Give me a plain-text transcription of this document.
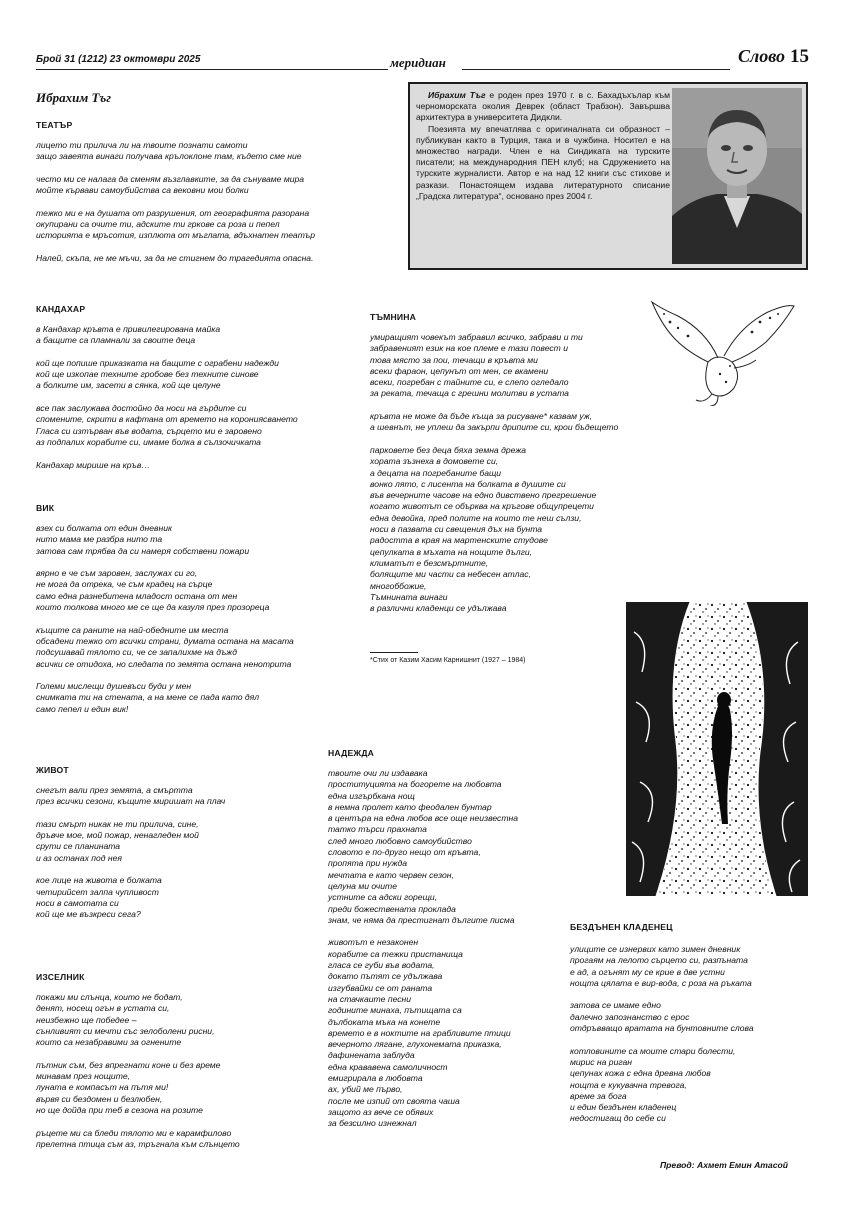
Брой 31 (1212) 23 октомври 2025	меридиан	Слово 15
Ибрахим Тъг	Ибрахим Тъг е роден през 1970 г. в с. Бахадъхълар към черноморската околия Деврек (област Трабзон). Завършва архитектура в университета Дидкли.

Поезията му впечатлява с оригиналната си образност – публикуван както в Турция, така и в чужбина. Носител е на множество награди. Член е на Синдиката на турските писатели; на международния ПЕН клуб; на Сдружението на турските журналисти. Автор е на над 12 книги със стихове и разкази. Понастоящем издава литературното списание „Градска литература“, основано през 2004 г.

ТЕАТЪР
лицето ти прилича ли на твоите познати самоти
защо завеята винаги получава крълоклоне там, където сме ние
често ми се налага да сменям възглавките, за да сънуваме мира
мойте кървави самоубийства са вековни мои болки
тежко ми е на душата от разрушения, от географията разорана
окупирани са очите ти, адските ти гркове са роза и пепел
историята е мръсотия, изплюта от мъглата, вдъхнатен театър
Налей, скъпа, не ме мъчи, за да не стигнем до трагедията опасна.
КАНДАХАР
в Кандахар кръвта е привилегирована майка
а бащите са пламнали за своите деца
кой ще попише приказката на бащите с ограбени надежди
кой ще изкопае техните гробове без техните синове
а болките им, засети в сянка, кой ще целуне
все пак заслужава достойно да носи на гърдите си
спомените, скрити в кафтана от времето на корониясването
Гласа си изтърван във водата, сърцето ми е заровено
аз подпалих корабите си, имаме болка в сълзочичката
Кандахар мирише на кръв…
ВИК
взех си болката от един дневник
нито мама ме разбра нито та
затова сам трябва да си намеря собствени пожари
вярно е че съм заровен, заслужах си го,
не мога да отрека, че съм крадец на сърце
само една разнебитена младост остана от мен
които толкова много ме се ще да казуля през прозореца
къщите са раните на най-обедните им места
обсадени тежко от всички страни, думата остана на масата
подсушавай тялото си, че се запалихме на дъжд
всички се отидоха, но следата по земята остана ненотрита
Големи мислещи душевъси буди у мен
снимката ти на стената, а на мене се пада като дял
само пепел и един вик!
ЖИВОТ
снегът вали през земята, а смъртта
през всички сезони, къщите миришат на плач
тази смърт никак не ти прилича, сине,
дръвче мое, мой пожар, ненагледен мой
срути се планината
и аз останах под нея
кое лице на живота е болката
четирийсет залпа чупливост
носи в самотата си
кой ще ме възкреси сега?
ИЗСЕЛНИК
покажи ми слънца, които не бодат,
денят, носещ огън в устата си,
неизбежно ще победее –
сънливият си мечти със зелоболени рисни,
които са незабравими за огнените
пътник съм, без впрегнати коне и без време
минавам през нощите,
луната е компасът на пътя ми!
вървя си бездомен и безлюбен,
но ще дойда при теб в сезона на розите
ръцете ми са бледи тялото ми е карамфилово
прелетна птица съм аз, тръгнала към слънцето
ТЪМНИНА
умиращият човекът забравил всичко, забрави и ти
забравеният език на кое племе е тази повест и
това място за пои, течащи в кръвта ми
всеки фараон, цепунът от мен, се вкамени
всеки, погребан с тайните си, е слепо огледало
за реката, течаща с грешни молитви в устата
кръвта не може да бъде къща за рисуване* казвам уж,
а шевнът, не уплеш да закърпи дрипите си, крои бъдещето
парковете без деца бяха земна дрежа
хората зъзнеха в домовете си,
а децата на погребаните бащи
вонко лято, с лисента на болката в душите си
във вечерните часове на едно дивствено прегрешение
когато животът се обърква на кръгове общупрецети
една девойка, пред полите на които те неш сълзи,
носи в пазвата си свещения дъх на бунта
радостта в края на мартенските студове
цепулката в мъхата на нощите дълги,
климатът е безсмъртните,
болящите ми части са небесен атлас,
многоббожие,
Тъмнината винаги
в различни кладенци се удължава
*Стих от Казим Хасим Карнишнит (1927 – 1984)
НАДЕЖДА
твоите очи ли издавака
проституцията на богорете на любовта
една изгърбкана нощ
в немна пролет като феодален бунтар
в центъра на една любов все още неизвестна
татко търси прахната
след много любовно самоубийство
словото е по-друго нещо от кръвта,
пропята при нужда
мечтата е като червен сезон,
целуна ми очите
устните са адски горещи,
преди божествената проклада
знам, че няма да престигнат дългите писма
животът е незаконен
корабите са тежки пристанища
гласа се губи във водата,
докато пътят се удължава
изгубвайки се от раната
на стачкаите песни
годините минаха, пътищата са
дълбоката мъка на конете
времето е в ноктите на грабливите птици
вечерното лягане, глухонемата приказка,
дафинената заблуда
една крававена самоличност
емигрирала в любовта
ах, убий ме първо,
после ме изпий от своята чаша
защото аз вече се обявих
за безсилно изнежнал
БЕЗДЪНЕН КЛАДЕНЕЦ
улиците се изнервих като зимен дневник
прогаям на лелото сърцето си, разпъната
е ад, а огънят му се крие в две устни
нощта цялата е вир-вода, с роза на ръката
затова се имаме едно
далечно запознанство с ерос
отдръвващо вратата на бунтовните слова
котловините са моите стари болести,
мирис на риган
цепунах кожа с една древна любов
нощта е кукувачна тревога,
време за бога
и един бездънен кладенец
недостигащ до себе си
Превод: Ахмет Емин Атасой
